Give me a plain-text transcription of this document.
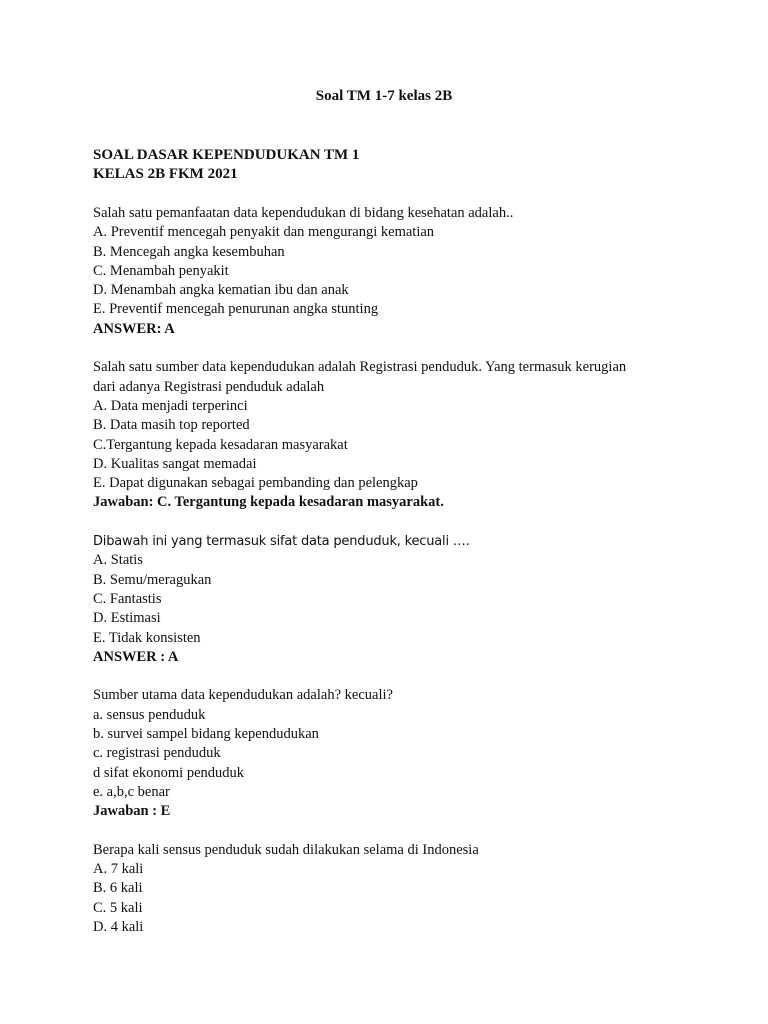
Soal TM 1-7 kelas 2B
SOAL DASAR KEPENDUDUKAN TM 1
KELAS 2B FKM 2021
Salah satu pemanfaatan data kependudukan di bidang kesehatan adalah..
A. Preventif mencegah penyakit dan mengurangi kematian
B. Mencegah angka kesembuhan
C. Menambah penyakit
D. Menambah angka kematian ibu dan anak
E. Preventif mencegah penurunan angka stunting
ANSWER: A
Salah satu sumber data kependudukan adalah Registrasi penduduk. Yang termasuk kerugian
dari adanya Registrasi penduduk adalah
A. Data menjadi terperinci
B. Data masih top reported
C.Tergantung kepada kesadaran masyarakat
D. Kualitas sangat memadai
E. Dapat digunakan sebagai pembanding dan pelengkap
Jawaban: C. Tergantung kepada kesadaran masyarakat.
Dibawah ini yang termasuk sifat data penduduk, kecuali ….
A. Statis
B. Semu/meragukan
C. Fantastis
D. Estimasi
E. Tidak konsisten
ANSWER : A
Sumber utama data kependudukan adalah? kecuali?
a. sensus penduduk
b. survei sampel bidang kependudukan
c. registrasi penduduk
d sifat ekonomi penduduk
e. a,b,c benar
Jawaban : E
Berapa kali sensus penduduk sudah dilakukan selama di Indonesia
A. 7 kali
B. 6 kali
C. 5 kali
D. 4 kali
